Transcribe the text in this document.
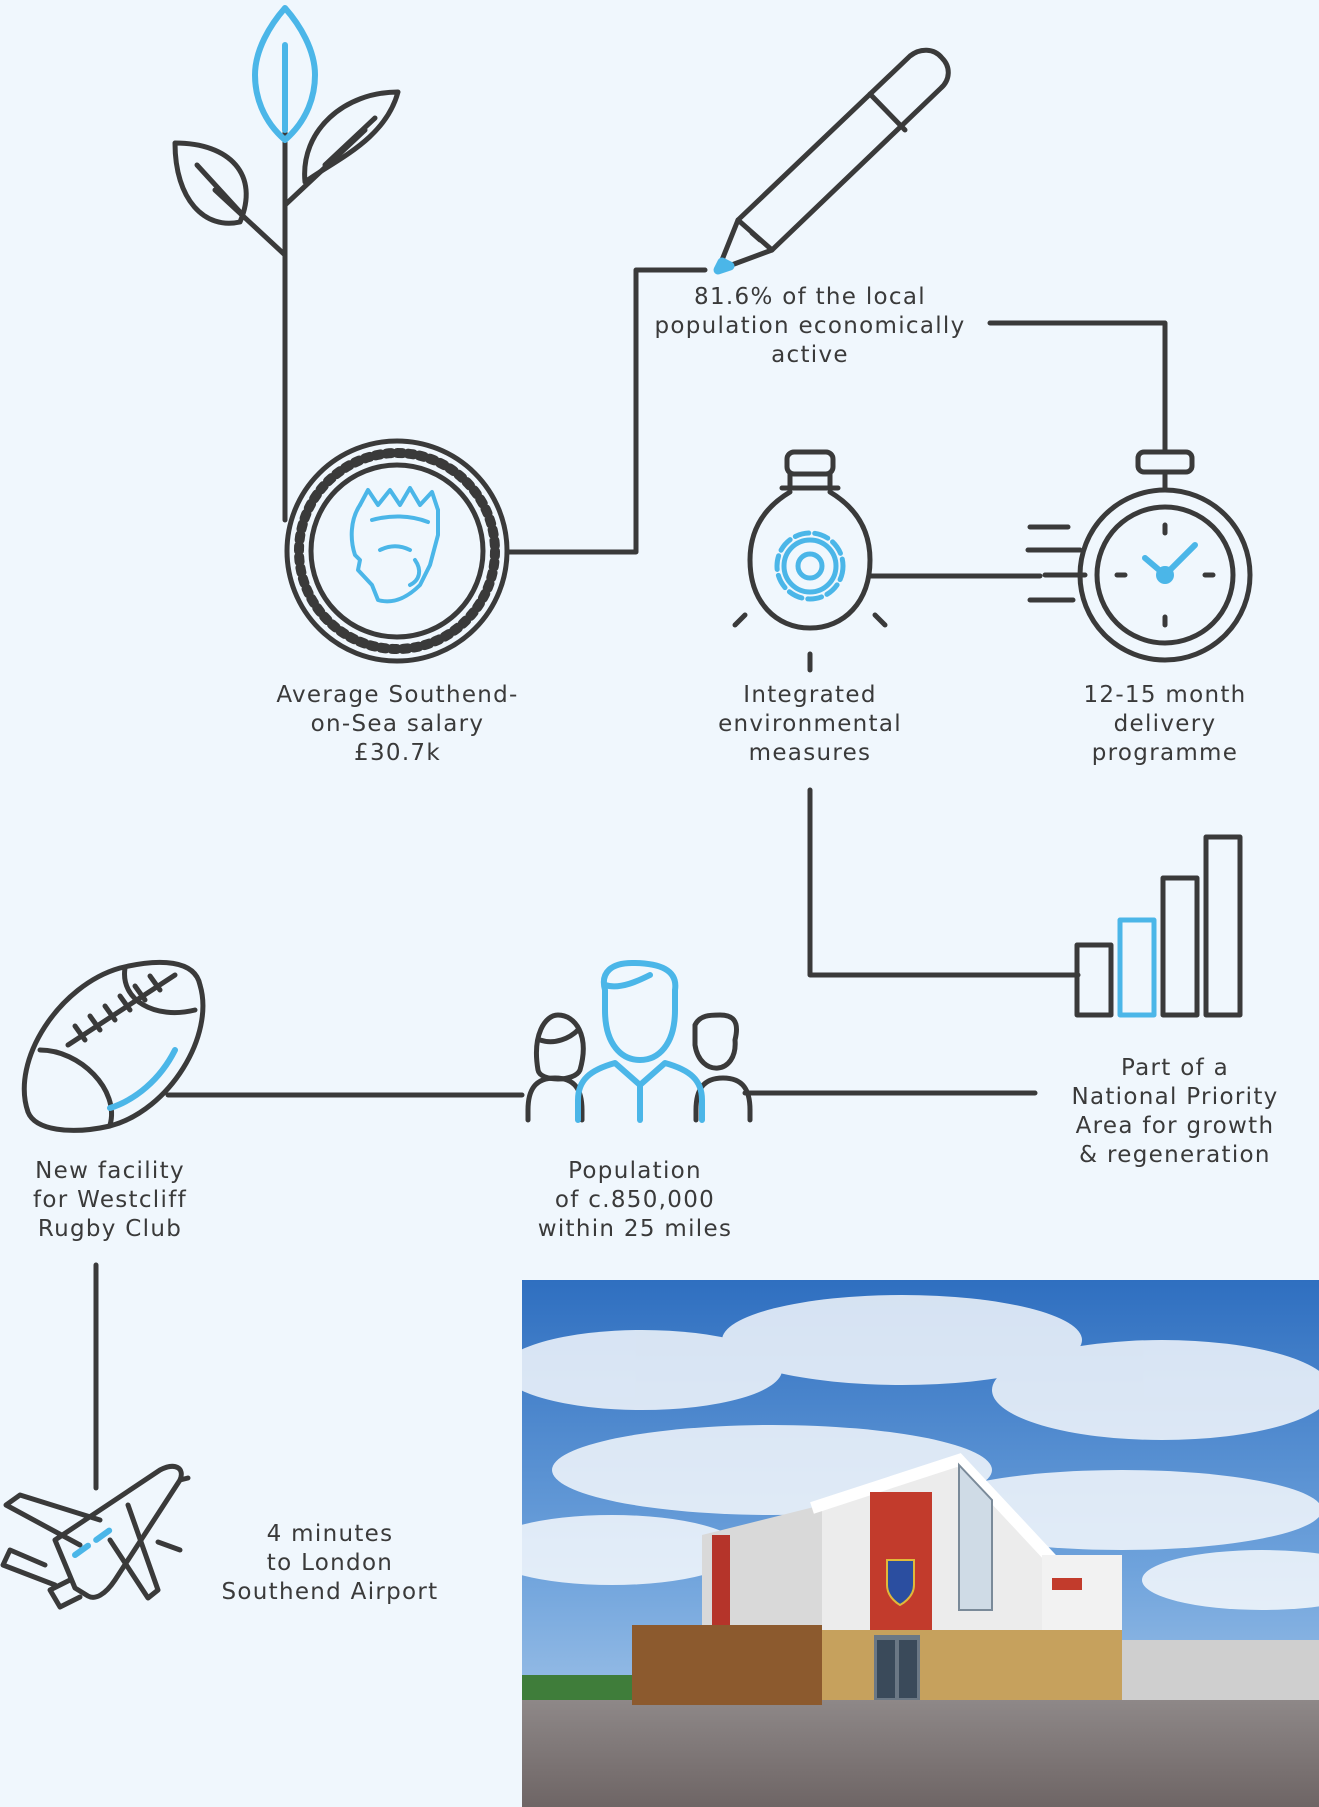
81.6% of the local
population economically
active
Average Southend-
on-Sea salary
£30.7k
Integrated
environmental
measures
12-15 month
delivery
programme
Part of a
National Priority
Area for growth
& regeneration
New facility
for Westcliff
Rugby Club
Population
of c.850,000
within 25 miles
4 minutes
to London
Southend Airport
